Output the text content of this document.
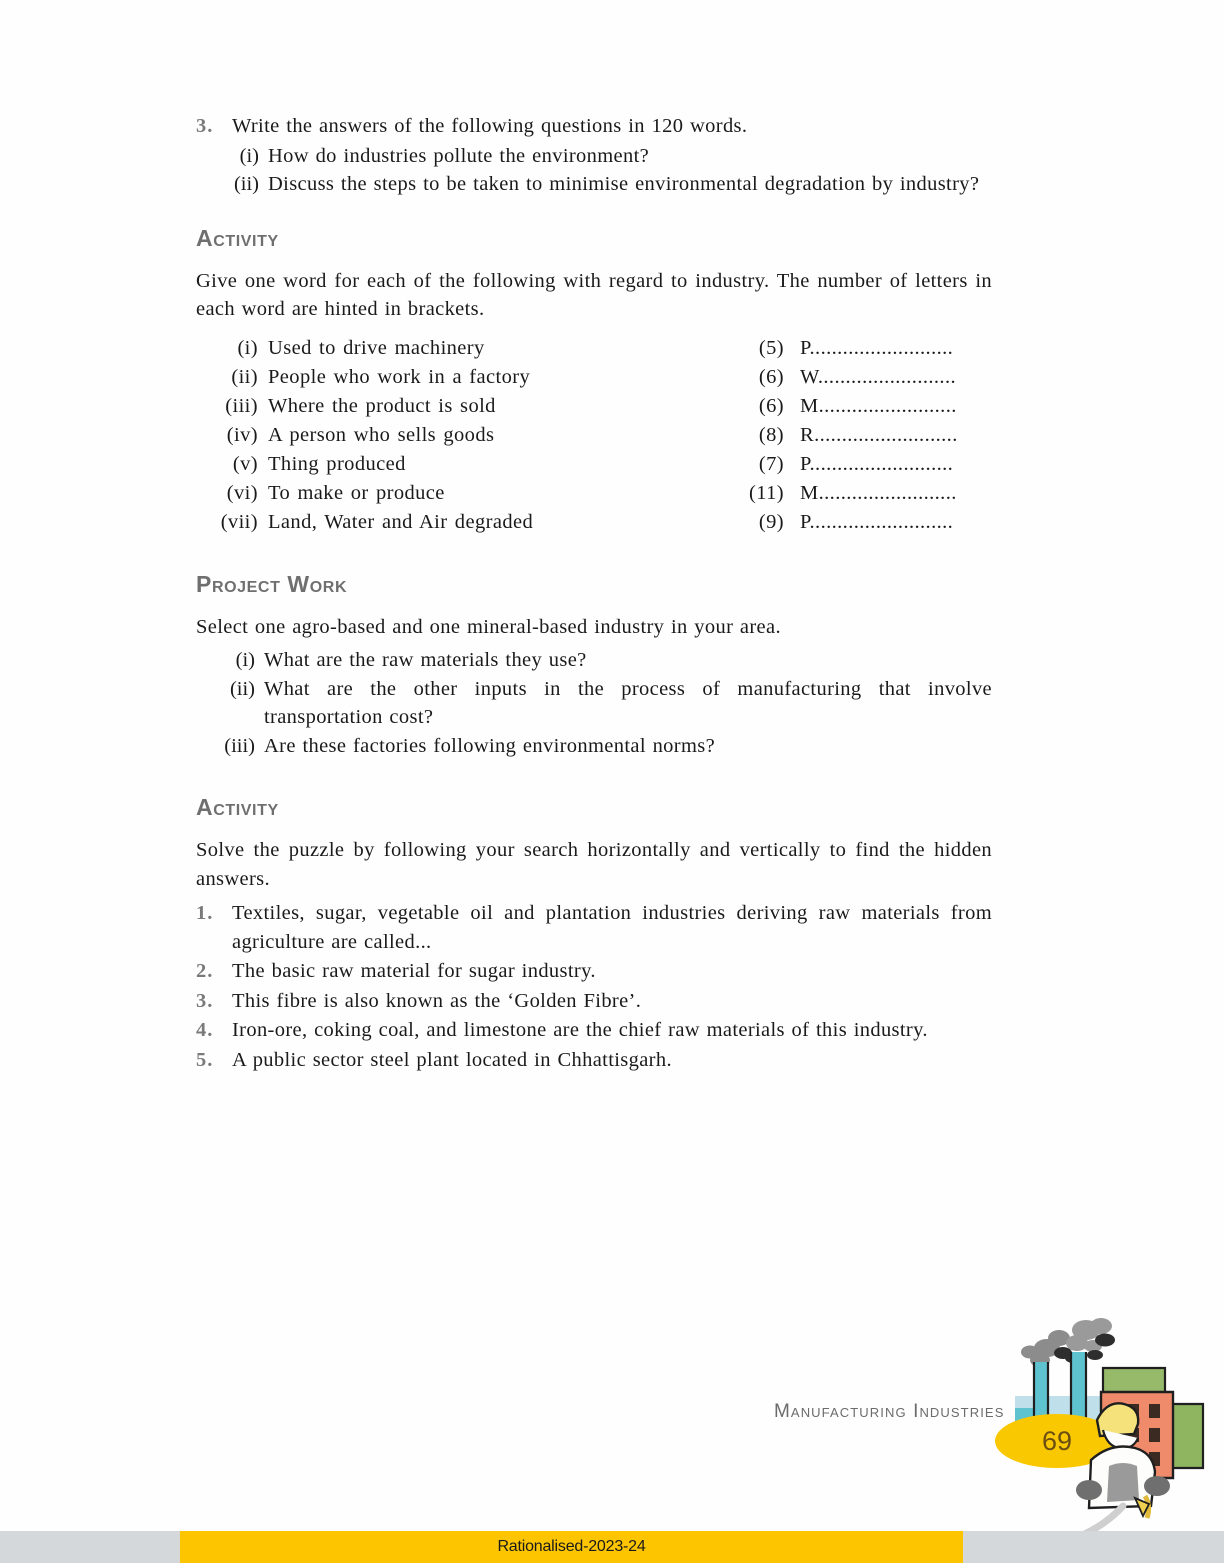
3. Write the answers of the following questions in 120 words.
(i) How do industries pollute the environment?
(ii) Discuss the steps to be taken to minimise environmental degradation by industry?
Activity
Give one word for each of the following with regard to industry. The number of letters in each word are hinted in brackets.
(i)	Used to drive machinery	(5)	P..........................
(ii)	People who work in a factory	(6)	W.........................
(iii)	Where the product is sold	(6)	M.........................
(iv)	A person who sells goods	(8)	R..........................
(v)	Thing produced	(7)	P..........................
(vi)	To make or produce	(11)	M.........................
(vii)	Land, Water and Air degraded	(9)	P..........................
Project Work
Select one agro-based and one mineral-based industry in your area.
(i) What are the raw materials they use?
(ii) What are the other inputs in the process of manufacturing that involve transportation cost?
(iii) Are these factories following environmental norms?
Activity
Solve the puzzle by following your search horizontally and vertically to find the hidden answers.
1. Textiles, sugar, vegetable oil and plantation industries deriving raw materials from agriculture are called...
2. The basic raw material for sugar industry.
3. This fibre is also known as the ‘Golden Fibre’.
4. Iron-ore, coking coal, and limestone are the chief raw materials of this industry.
5. A public sector steel plant located in Chhattisgarh.
Manufacturing Industries
69
Rationalised-2023-24
